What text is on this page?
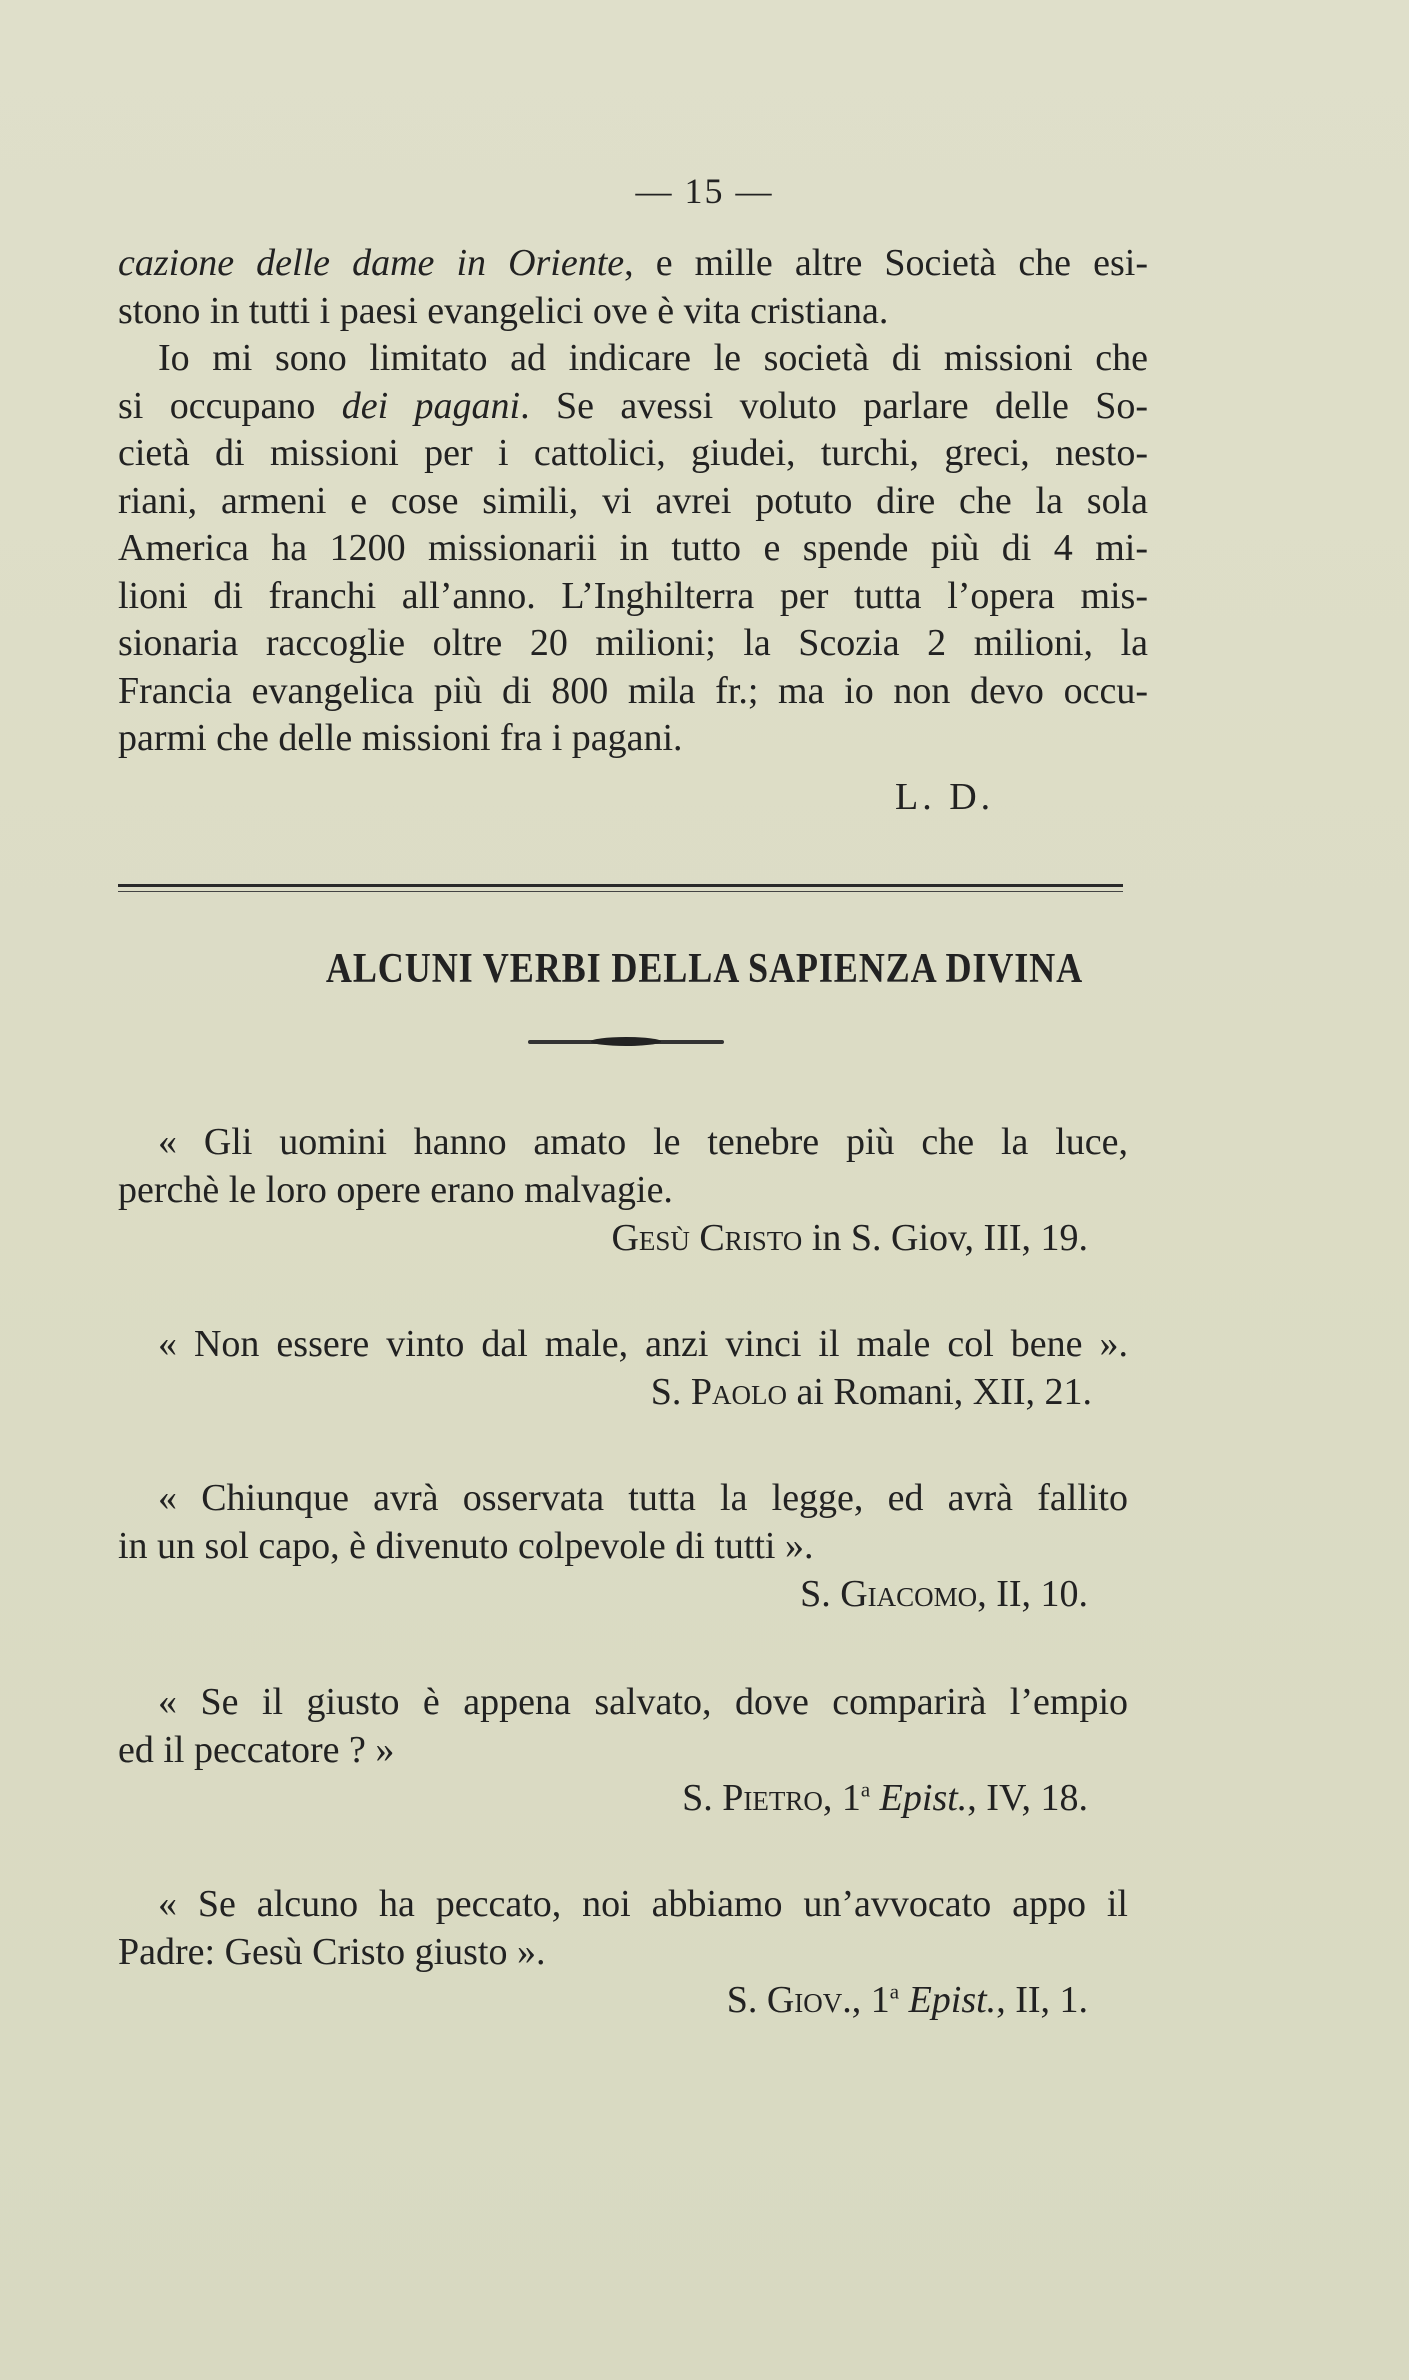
— 15 —
cazione delle dame in Oriente, e mille altre Società che esi-
stono in tutti i paesi evangelici ove è vita cristiana.
Io mi sono limitato ad indicare le società di missioni che
si occupano dei pagani. Se avessi voluto parlare delle So-
cietà di missioni per i cattolici, giudei, turchi, greci, nesto-
riani, armeni e cose simili, vi avrei potuto dire che la sola
America ha 1200 missionarii in tutto e spende più di 4 mi-
lioni di franchi all’anno. L’Inghilterra per tutta l’opera mis-
sionaria raccoglie oltre 20 milioni; la Scozia 2 milioni, la
Francia evangelica più di 800 mila fr.; ma io non devo occu-
parmi che delle missioni fra i pagani.
L. D.
ALCUNI VERBI DELLA SAPIENZA DIVINA
« Gli uomini hanno amato le tenebre più che la luce,
perchè le loro opere erano malvagie.
Gesù Cristo in S. Giov, III, 19.
« Non essere vinto dal male, anzi vinci il male col bene ».
S. Paolo ai Romani, XII, 21.
« Chiunque avrà osservata tutta la legge, ed avrà fallito
in un sol capo, è divenuto colpevole di tutti ».
S. Giacomo, II, 10.
« Se il giusto è appena salvato, dove comparirà l’empio
ed il peccatore ? »
S. Pietro, 1$^a$ Epist., IV, 18.
« Se alcuno ha peccato, noi abbiamo un’avvocato appo il
Padre: Gesù Cristo giusto ».
S. Giov., 1$^a$ Epist., II, 1.
